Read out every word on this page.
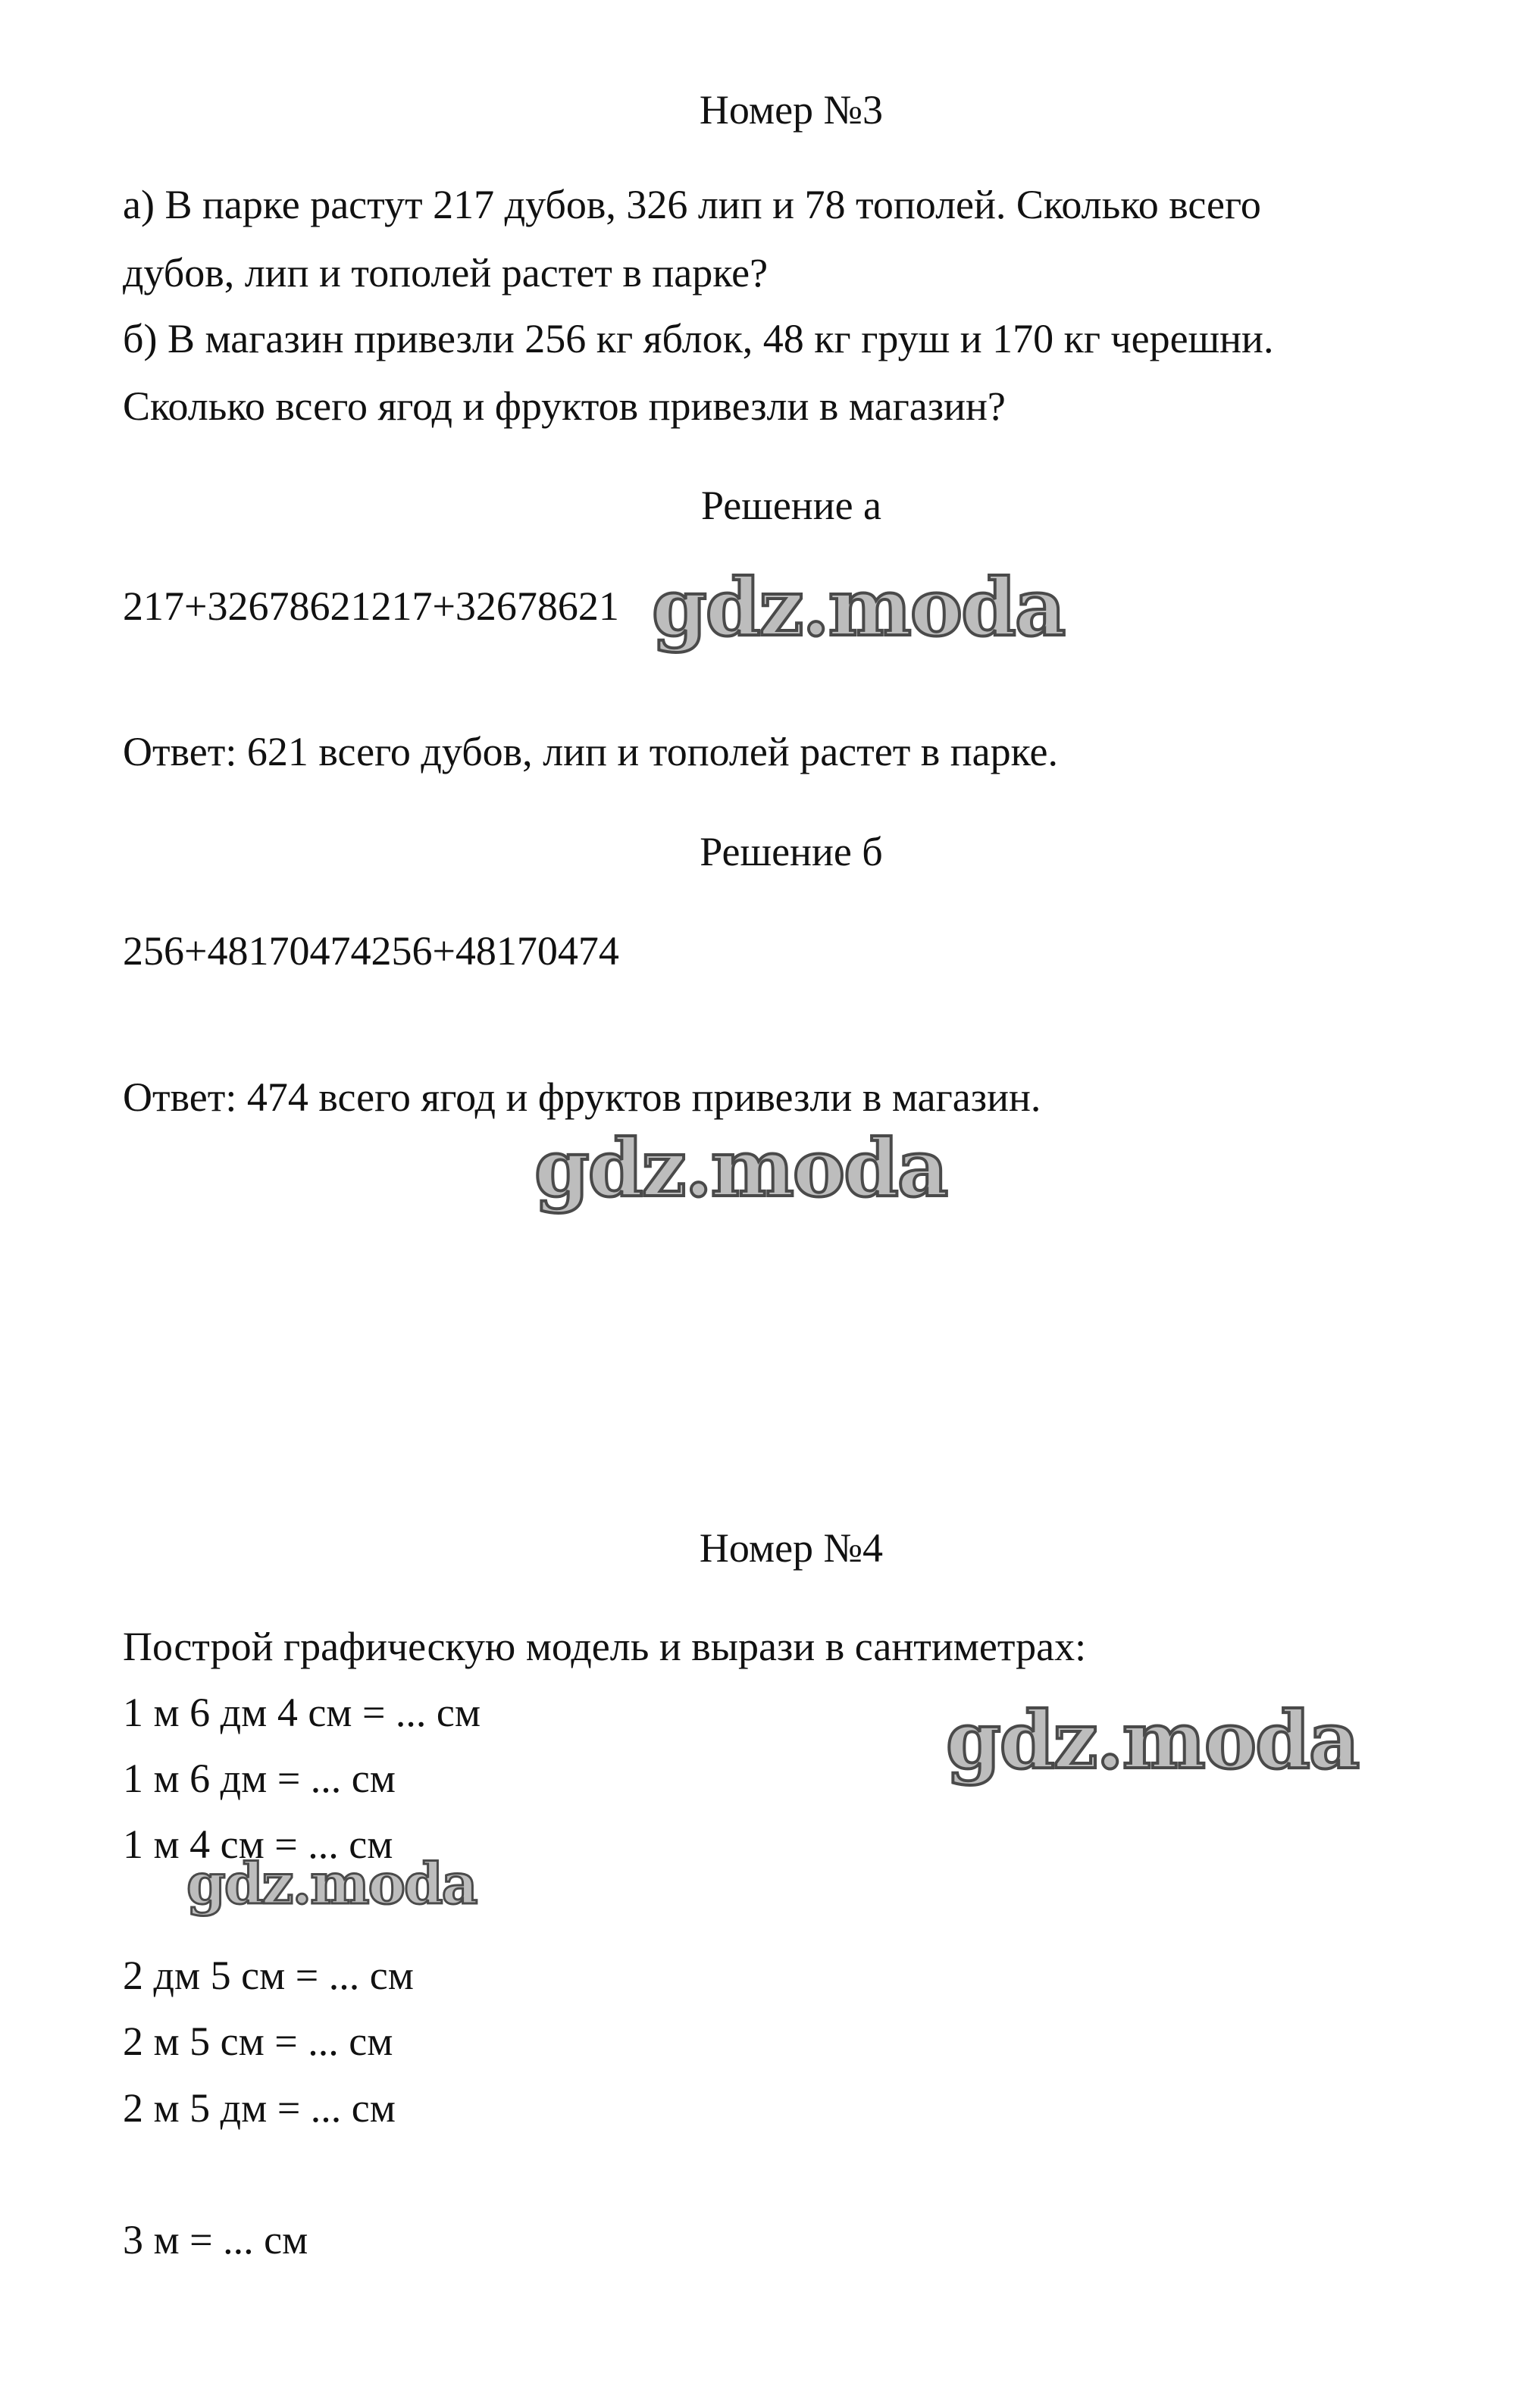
Номер №3
а) В парке растут 217 дубов, 326 лип и 78 тополей. Сколько всего
дубов, лип и тополей растет в парке?
б) В магазин привезли 256 кг яблок, 48 кг груш и 170 кг черешни.
Сколько всего ягод и фруктов привезли в магазин?
Решение а
217+3267862​1217+32678621
Ответ: 621 всего дубов, лип и тополей растет в парке.
Решение б
256+48170474256+48170474
Ответ: 474 всего ягод и фруктов привезли в магазин.
Номер №4
Построй графическую модель и вырази в сантиметрах:
1 м 6 дм 4 см = ... см
1 м 6 дм = ... см
1 м 4 см = ... см
2 дм 5 см = ... см
2 м 5 см = ... см
2 м 5 дм = ... см
3 м = ... см
gdz.moda
gdz.moda
gdz.moda
gdz.moda
